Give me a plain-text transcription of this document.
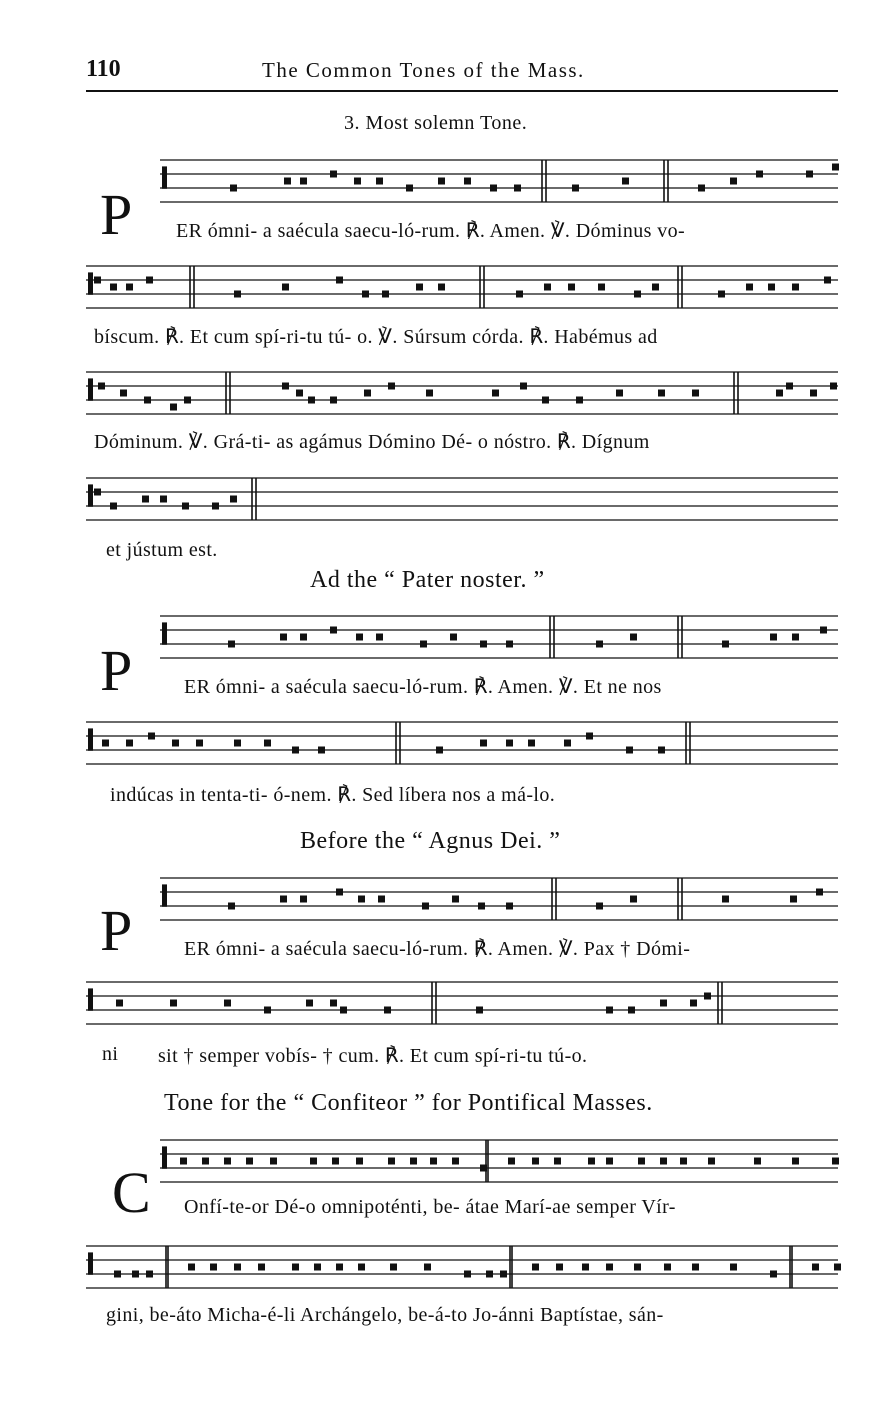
110	The Common Tones of the Mass.
3. Most solemn Tone.
P ER ómni- a saécula saecu-ló-rum. ℟. Amen. ℣. Dóminus vo-
bíscum. ℟. Et cum spí-ri-tu tú- o. ℣. Súrsum córda. ℟. Habémus ad
Dóminum. ℣. Grá-ti- as agámus Dómino Dé- o nóstro. ℟. Dígnum
et jústum est.
Ad the “ Pater noster. ”
P	ER ómni- a saécula saecu-ló-rum. ℟. Amen. ℣. Et ne nos
indúcas in tenta-ti- ó-nem. ℟. Sed líbera nos a má-lo.
Before the “ Agnus Dei. ”
P	ER ómni- a saécula saecu-ló-rum. ℟. Amen. ℣. Pax † Dómi-
ni sit † semper vobís- † cum. ℟. Et cum spí-ri-tu tú-o.
Tone for the “ Confiteor ” for Pontifical Masses.
C Onfí-te-or Dé-o omnipoténti, be- átae Marí-ae semper Vír-
gini, be-áto Micha-é-li Archángelo, be-á-to Jo-ánni Baptístae, sán-
